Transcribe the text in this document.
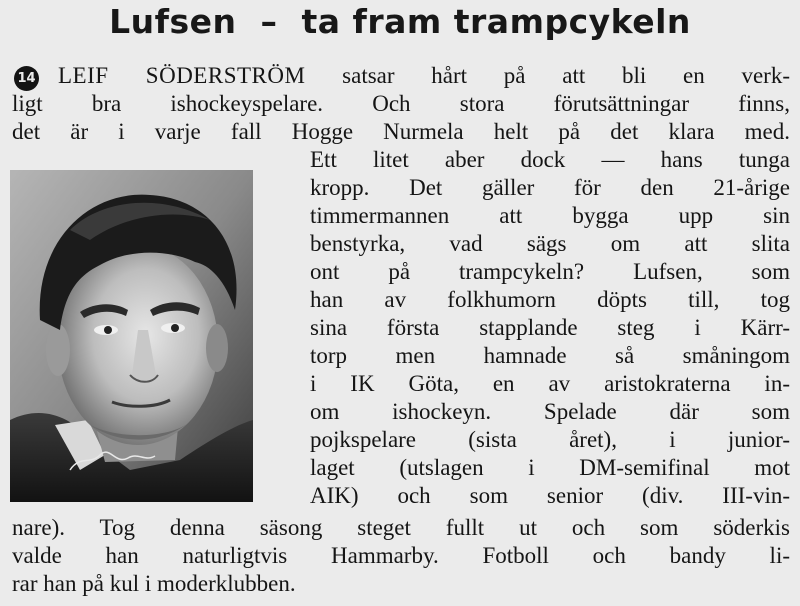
Lufsen  –  ta fram trampcykeln
14 LEIF SÖDERSTRÖM satsar hårt på att bli en verk-
ligt bra ishockeyspelare. Och stora förutsättningar finns,
det är i varje fall Hogge Nurmela helt på det klara med.
Ett litet aber dock — hans tunga
kropp. Det gäller för den 21-årige
timmermannen att bygga upp sin
benstyrka, vad sägs om att slita
ont på trampcykeln? Lufsen, som
han av folkhumorn döpts till, tog
sina första stapplande steg i Kärr-
torp men hamnade så småningom
i IK Göta, en av aristokraterna in-
om ishockeyn. Spelade där som
pojkspelare (sista året), i junior-
laget (utslagen i DM-semifinal mot
AIK) och som senior (div. III-vin-
nare). Tog denna säsong steget fullt ut och som söderkis
valde han naturligtvis Hammarby. Fotboll och bandy li-
rar han på kul i moderklubben.
